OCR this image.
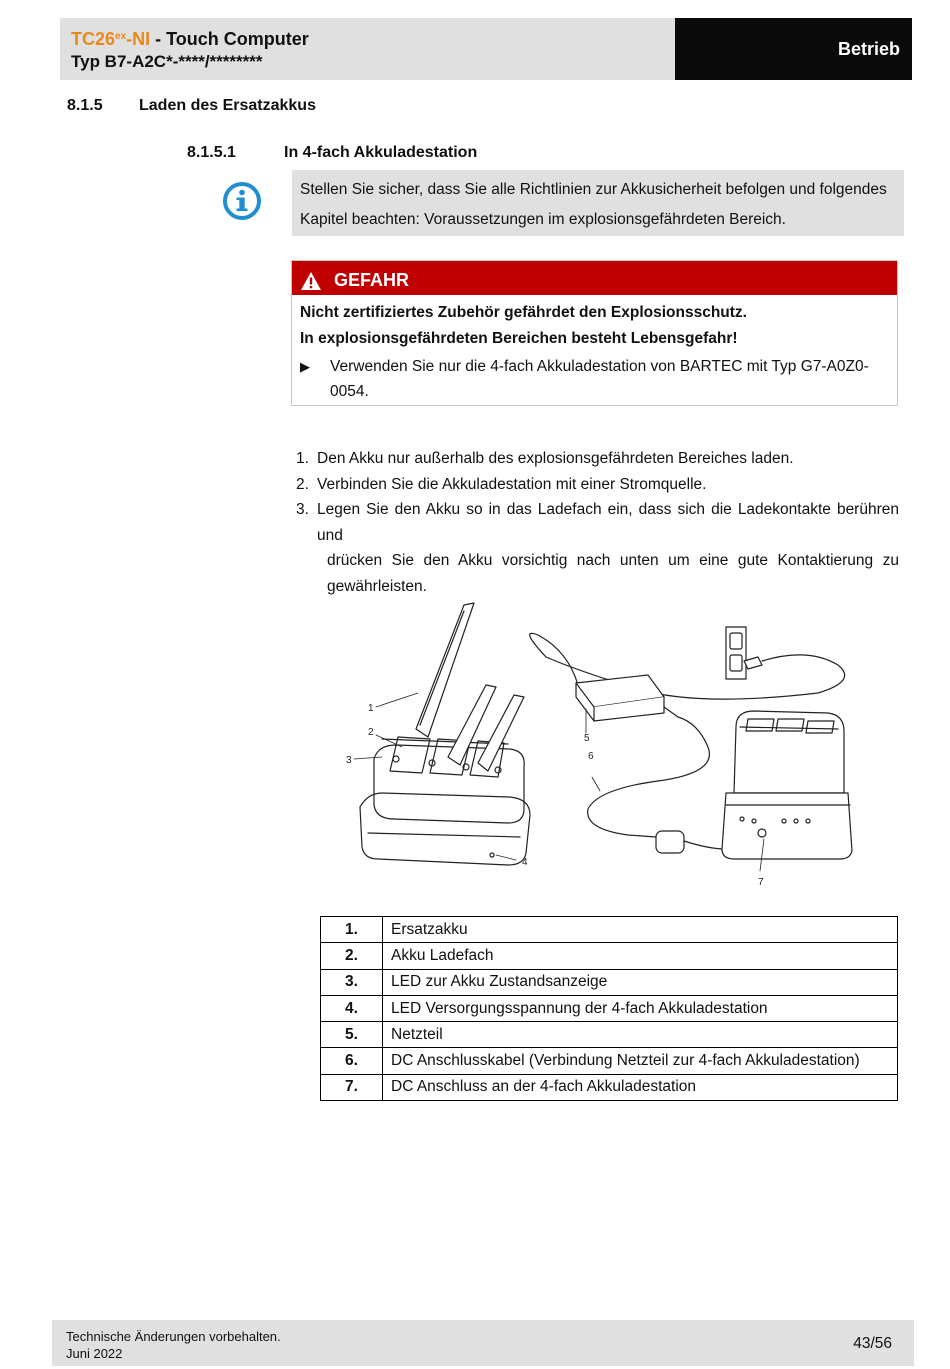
$TC26^{ex}-NI$ - Touch Computer
Typ B7-A2C*-****/********
Betrieb
8.1.5 Laden des Ersatzakkus
8.1.5.1	In 4-fach Akkuladestation
Stellen Sie sicher, dass Sie alle Richtlinien zur Akkusicherheit befolgen und folgendes
Kapitel beachten: Voraussetzungen im explosionsgefährdeten Bereich.
GEFAHR
Nicht zertifiziertes Zubehör gefährdet den Explosionsschutz.
In explosionsgefährdeten Bereichen besteht Lebensgefahr!
▶	Verwenden Sie nur die 4-fach Akkuladestation von BARTEC mit Typ G7-A0Z0-0054.
1. Den Akku nur außerhalb des explosionsgefährdeten Bereiches laden.
2. Verbinden Sie die Akkuladestation mit einer Stromquelle.
3. Legen Sie den Akku so in das Ladefach ein, dass sich die Ladekontakte berühren und
drücken Sie den Akku vorsichtig nach unten um eine gute Kontaktierung zu gewährleisten.
1
2
3
4
5
6
7
1.	Ersatzakku
2.	Akku Ladefach
3.	LED zur Akku Zustandsanzeige
4.	LED Versorgungsspannung der 4-fach Akkuladestation
5.	Netzteil
6.	DC Anschlusskabel (Verbindung Netzteil zur 4-fach Akkuladestation)
7.	DC Anschluss an der 4-fach Akkuladestation
Technische Änderungen vorbehalten.
Juni 2022
43/56
